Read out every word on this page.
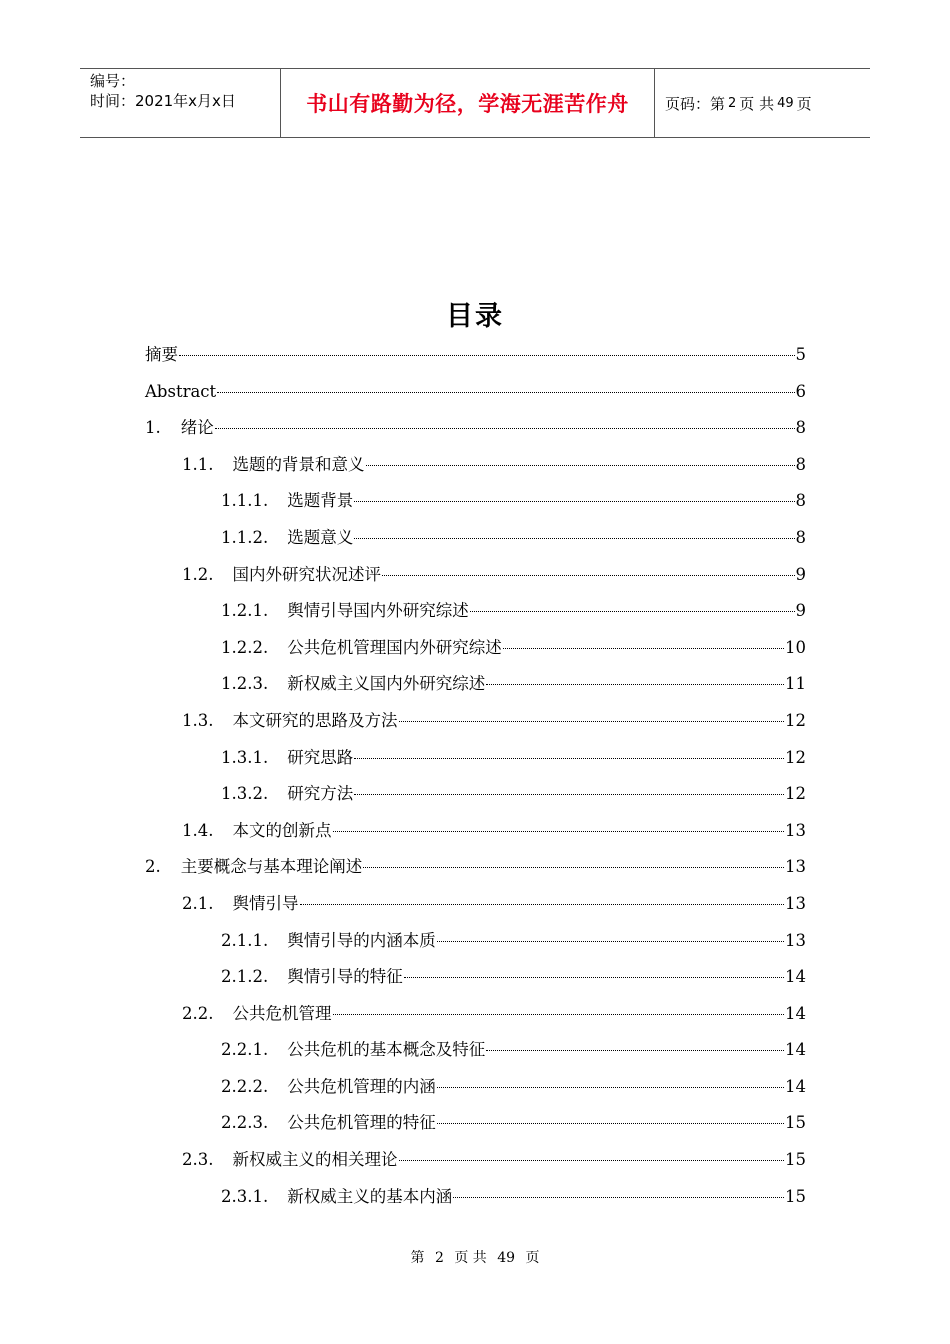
编号：
时间：2021年x月x日	书山有路勤为径，学海无涯苦作舟	页码：第 2 页 共 49 页
目录
摘要	5
Abstract	6
1. 绪论	8
1.1. 选题的背景和意义	8
1.1.1. 选题背景	8
1.1.2. 选题意义	8
1.2. 国内外研究状况述评	9
1.2.1. 舆情引导国内外研究综述	9
1.2.2. 公共危机管理国内外研究综述	10
1.2.3. 新权威主义国内外研究综述	11
1.3. 本文研究的思路及方法	12
1.3.1. 研究思路	12
1.3.2. 研究方法	12
1.4. 本文的创新点	13
2. 主要概念与基本理论阐述	13
2.1. 舆情引导	13
2.1.1. 舆情引导的内涵本质	13
2.1.2. 舆情引导的特征	14
2.2. 公共危机管理	14
2.2.1. 公共危机的基本概念及特征	14
2.2.2. 公共危机管理的内涵	14
2.2.3. 公共危机管理的特征	15
2.3. 新权威主义的相关理论	15
2.3.1. 新权威主义的基本内涵	15
第 2 页 共 49 页
